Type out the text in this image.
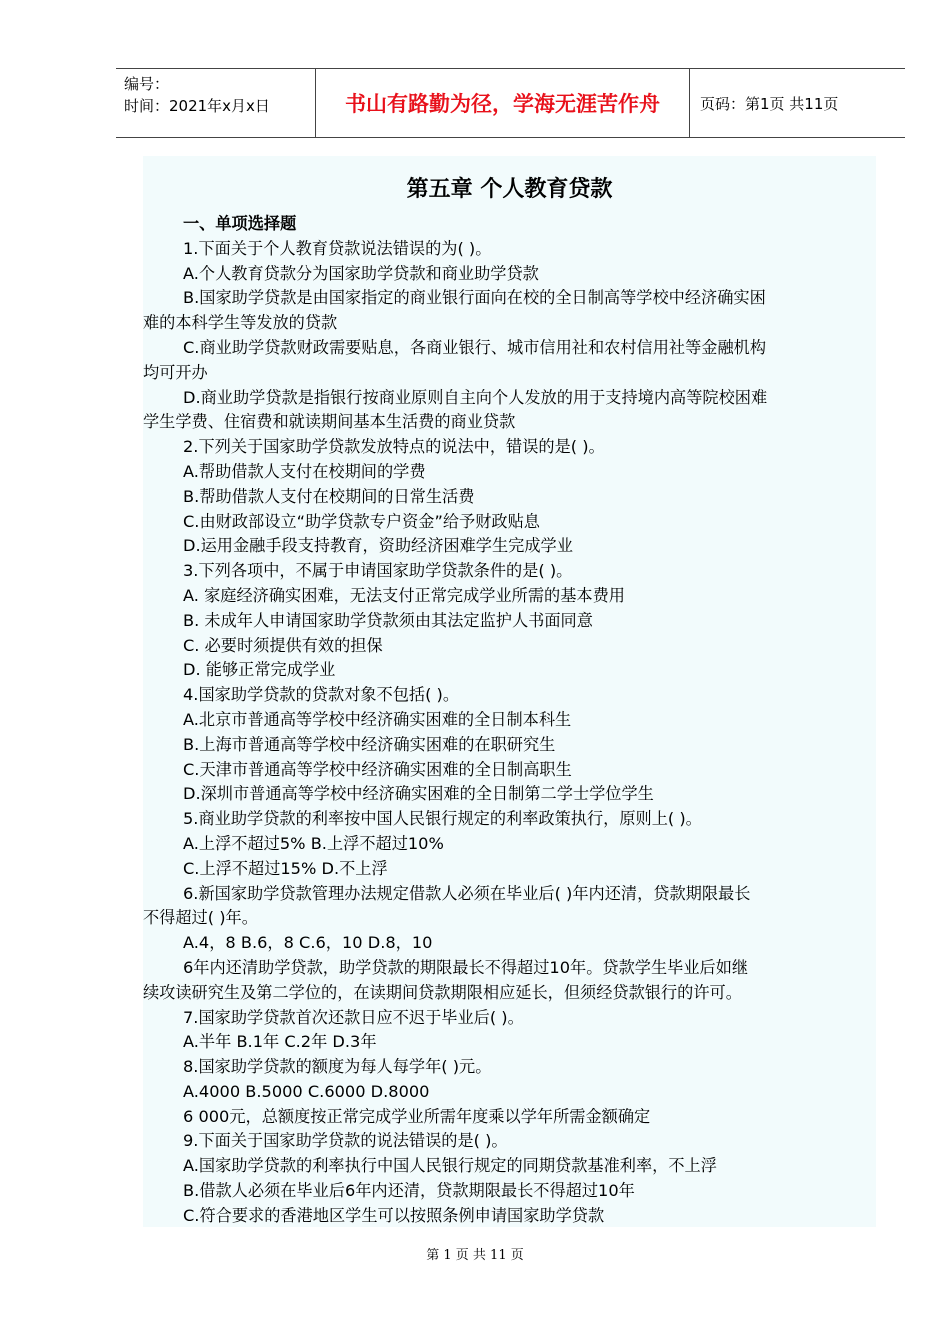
编号：
时间：2021年x月x日	书山有路勤为径，学海无涯苦作舟	页码：第1页 共11页
第五章 个人教育贷款
一、单项选择题
1.下面关于个人教育贷款说法错误的为( )。
A.个人教育贷款分为国家助学贷款和商业助学贷款
B.国家助学贷款是由国家指定的商业银行面向在校的全日制高等学校中经济确实困
难的本科学生等发放的贷款
C.商业助学贷款财政需要贴息，各商业银行、城市信用社和农村信用社等金融机构
均可开办
D.商业助学贷款是指银行按商业原则自主向个人发放的用于支持境内高等院校困难
学生学费、住宿费和就读期间基本生活费的商业贷款
2.下列关于国家助学贷款发放特点的说法中，错误的是( )。
A.帮助借款人支付在校期间的学费
B.帮助借款人支付在校期间的日常生活费
C.由财政部设立“助学贷款专户资金”给予财政贴息
D.运用金融手段支持教育，资助经济困难学生完成学业
3.下列各项中，不属于申请国家助学贷款条件的是( )。
A. 家庭经济确实困难，无法支付正常完成学业所需的基本费用
B. 未成年人申请国家助学贷款须由其法定监护人书面同意
C. 必要时须提供有效的担保
D. 能够正常完成学业
4.国家助学贷款的贷款对象不包括( )。
A.北京市普通高等学校中经济确实困难的全日制本科生
B.上海市普通高等学校中经济确实困难的在职研究生
C.天津市普通高等学校中经济确实困难的全日制高职生
D.深圳市普通高等学校中经济确实困难的全日制第二学士学位学生
5.商业助学贷款的利率按中国人民银行规定的利率政策执行，原则上( )。
A.上浮不超过5% B.上浮不超过10%
C.上浮不超过15% D.不上浮
6.新国家助学贷款管理办法规定借款人必须在毕业后( )年内还清，贷款期限最长
不得超过( )年。
A.4，8 B.6，8 C.6，10 D.8，10
6年内还清助学贷款，助学贷款的期限最长不得超过10年。贷款学生毕业后如继
续攻读研究生及第二学位的，在读期间贷款期限相应延长，但须经贷款银行的许可。
7.国家助学贷款首次还款日应不迟于毕业后( )。
A.半年 B.1年 C.2年 D.3年
8.国家助学贷款的额度为每人每学年( )元。
A.4000 B.5000 C.6000 D.8000
6 000元，总额度按正常完成学业所需年度乘以学年所需金额确定
9.下面关于国家助学贷款的说法错误的是( )。
A.国家助学贷款的利率执行中国人民银行规定的同期贷款基准利率，不上浮
B.借款人必须在毕业后6年内还清，贷款期限最长不得超过10年
C.符合要求的香港地区学生可以按照条例申请国家助学贷款
第 1 页 共 11 页
